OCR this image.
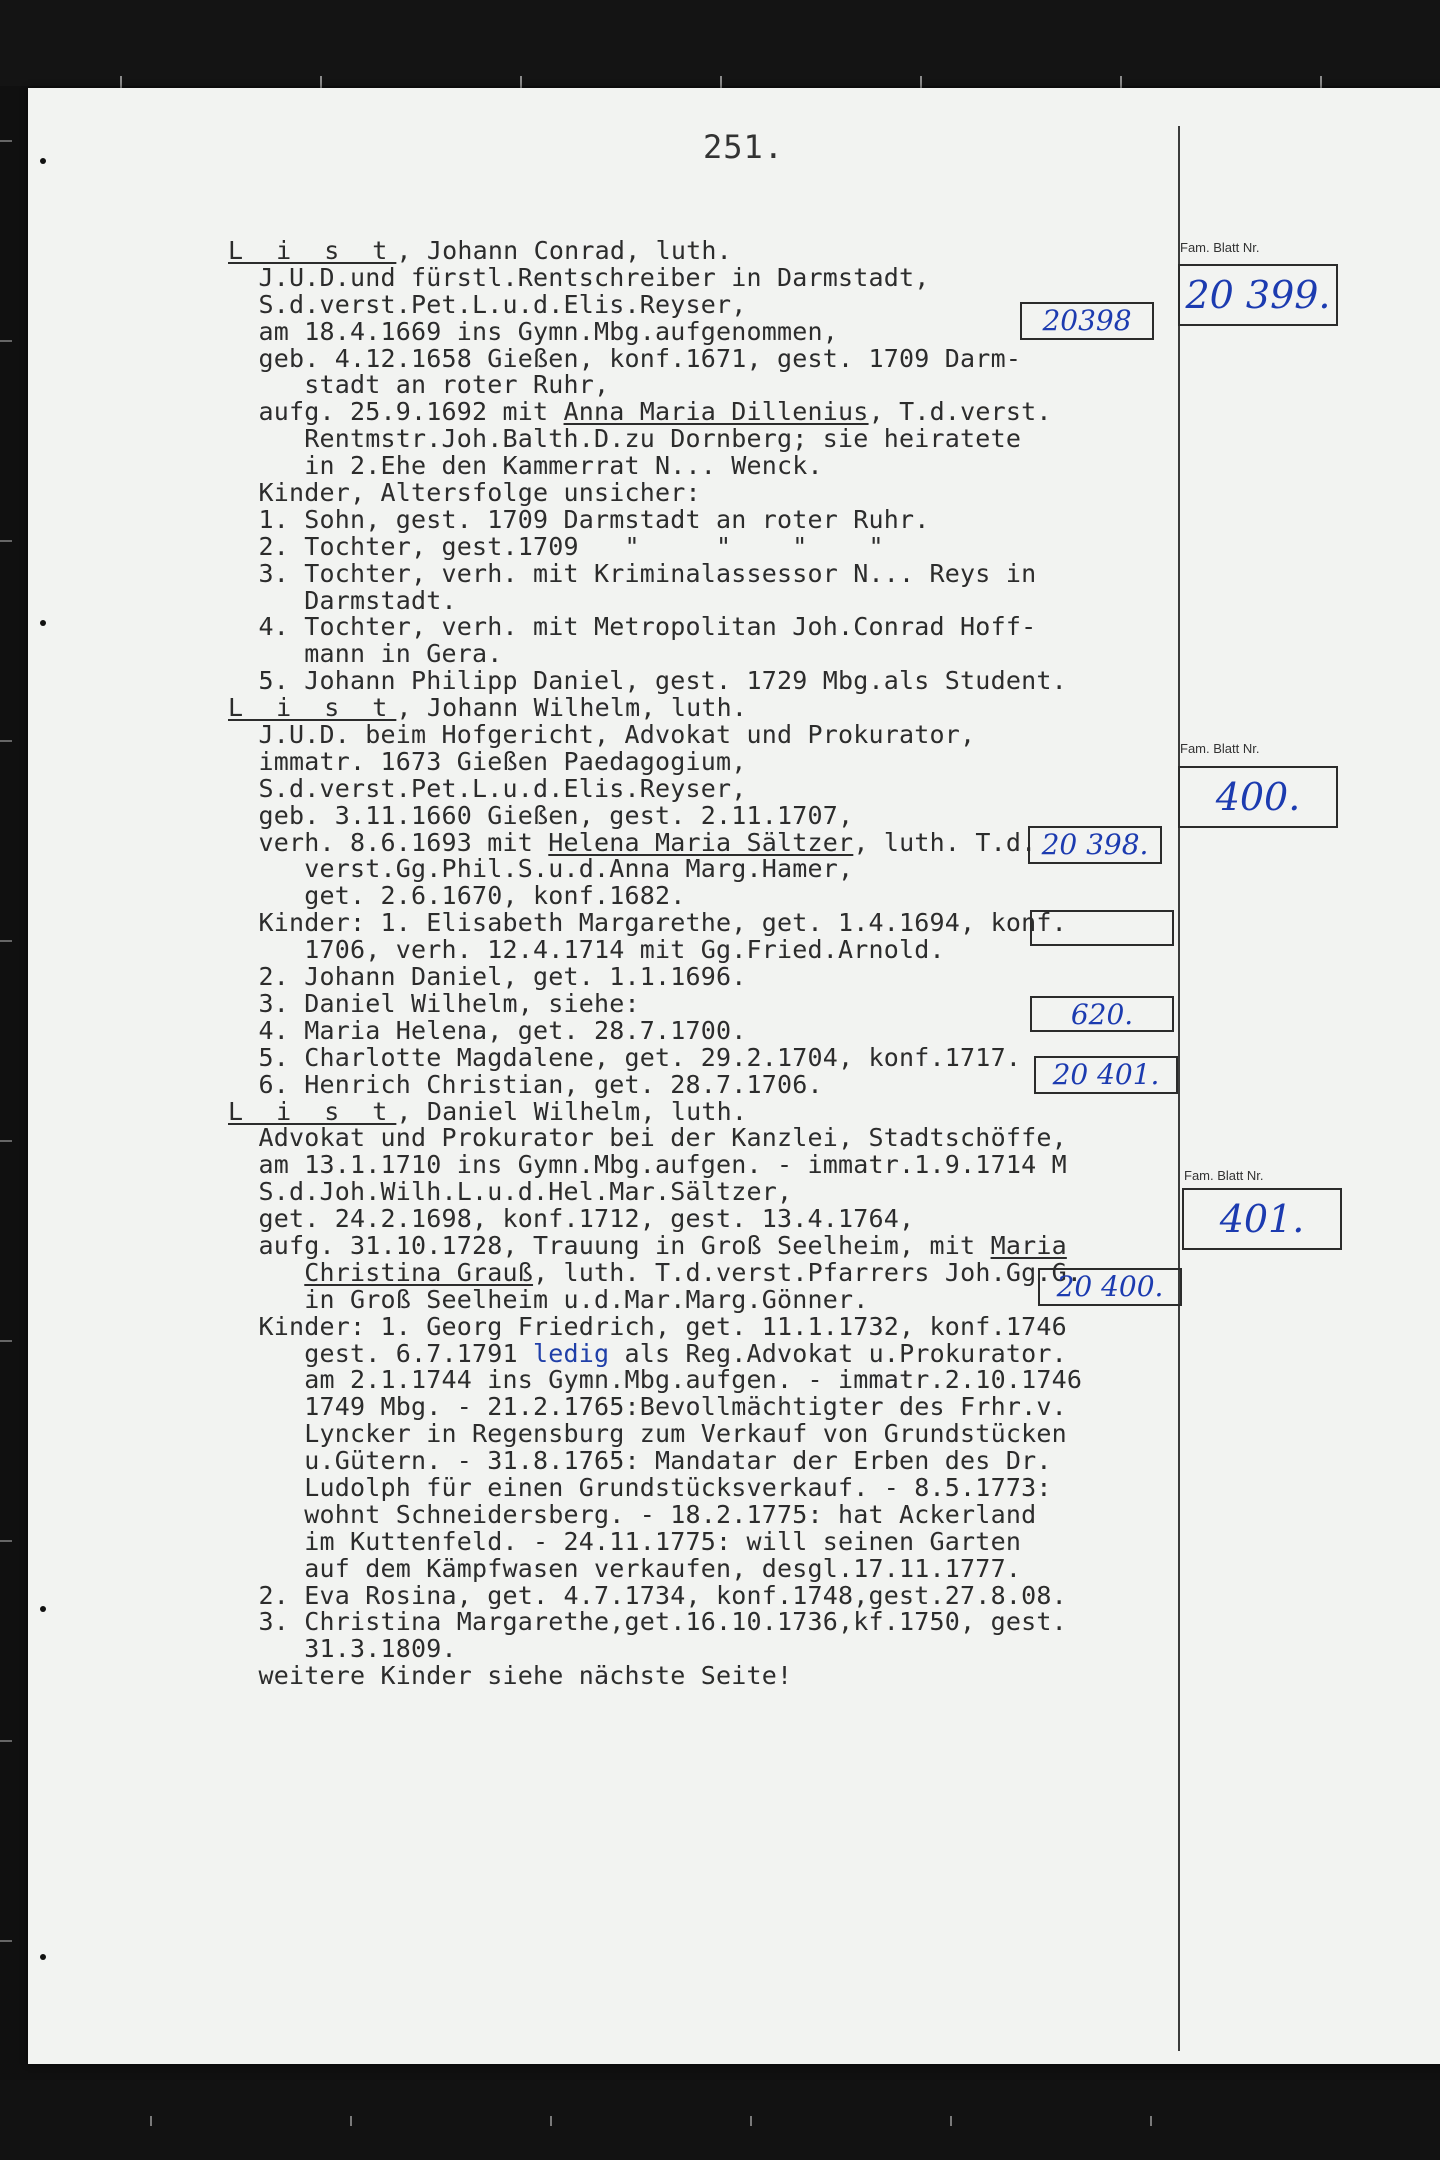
251.
L i s t, Johann Conrad, luth.
J.U.D.und fürstl.Rentschreiber in Darmstadt,
S.d.verst.Pet.L.u.d.Elis.Reyser,
am 18.4.1669 ins Gymn.Mbg.aufgenommen,
geb. 4.12.1658 Gießen, konf.1671, gest. 1709 Darm-
stadt an roter Ruhr,
aufg. 25.9.1692 mit Anna Maria Dillenius, T.d.verst.
Rentmstr.Joh.Balth.D.zu Dornberg; sie heiratete
in 2.Ehe den Kammerrat N... Wenck.
Kinder, Altersfolge unsicher:
1. Sohn, gest. 1709 Darmstadt an roter Ruhr.
2. Tochter, gest.1709   "     "    "    "
3. Tochter, verh. mit Kriminalassessor N... Reys in
Darmstadt.
4. Tochter, verh. mit Metropolitan Joh.Conrad Hoff-
mann in Gera.
5. Johann Philipp Daniel, gest. 1729 Mbg.als Student.
L i s t, Johann Wilhelm, luth.
J.U.D. beim Hofgericht, Advokat und Prokurator,
immatr. 1673 Gießen Paedagogium,
S.d.verst.Pet.L.u.d.Elis.Reyser,
geb. 3.11.1660 Gießen, gest. 2.11.1707,
verh. 8.6.1693 mit Helena Maria Sältzer, luth. T.d.
verst.Gg.Phil.S.u.d.Anna Marg.Hamer,
get. 2.6.1670, konf.1682.
Kinder: 1. Elisabeth Margarethe, get. 1.4.1694, konf.
1706, verh. 12.4.1714 mit Gg.Fried.Arnold.
2. Johann Daniel, get. 1.1.1696.
3. Daniel Wilhelm, siehe:
4. Maria Helena, get. 28.7.1700.
5. Charlotte Magdalene, get. 29.2.1704, konf.1717.
6. Henrich Christian, get. 28.7.1706.
L i s t, Daniel Wilhelm, luth.
Advokat und Prokurator bei der Kanzlei, Stadtschöffe,
am 13.1.1710 ins Gymn.Mbg.aufgen. - immatr.1.9.1714 M
S.d.Joh.Wilh.L.u.d.Hel.Mar.Sältzer,
get. 24.2.1698, konf.1712, gest. 13.4.1764,
aufg. 31.10.1728, Trauung in Groß Seelheim, mit Maria
Christina Grauß, luth. T.d.verst.Pfarrers Joh.Gg.G.
in Groß Seelheim u.d.Mar.Marg.Gönner.
Kinder: 1. Georg Friedrich, get. 11.1.1732, konf.1746
gest. 6.7.1791 ledig als Reg.Advokat u.Prokurator.
am 2.1.1744 ins Gymn.Mbg.aufgen. - immatr.2.10.1746
1749 Mbg. - 21.2.1765:Bevollmächtigter des Frhr.v.
Lyncker in Regensburg zum Verkauf von Grundstücken
u.Gütern. - 31.8.1765: Mandatar der Erben des Dr.
Ludolph für einen Grundstücksverkauf. - 8.5.1773:
wohnt Schneidersberg. - 18.2.1775: hat Ackerland
im Kuttenfeld. - 24.11.1775: will seinen Garten
auf dem Kämpfwasen verkaufen, desgl.17.11.1777.
2. Eva Rosina, get. 4.7.1734, konf.1748,gest.27.8.08.
3. Christina Margarethe,get.16.10.1736,kf.1750, gest.
31.3.1809.
weitere Kinder siehe nächste Seite!
Fam. Blatt Nr.
20 399.
Fam. Blatt Nr.
400.
Fam. Blatt Nr.
401.
20398
20 398.
620.
20 401.
20 400.
